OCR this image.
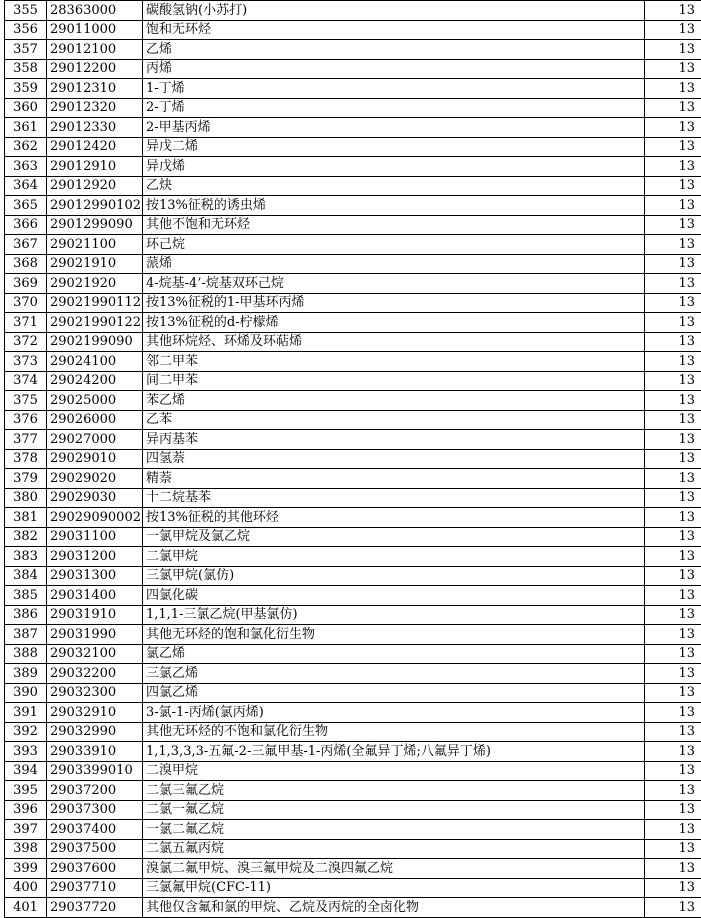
355	28363000	碳酸氢钠(小苏打)	13
356	29011000	饱和无环烃	13
357	29012100	乙烯	13
358	29012200	丙烯	13
359	29012310	1-丁烯	13
360	29012320	2-丁烯	13
361	29012330	2-甲基丙烯	13
362	29012420	异戊二烯	13
363	29012910	异戊烯	13
364	29012920	乙炔	13
365	29012990102	按13%征税的诱虫烯	13
366	2901299090	其他不饱和无环烃	13
367	29021100	环己烷	13
368	29021910	蒎烯	13
369	29021920	4-烷基-4’-烷基双环己烷	13
370	29021990112	按13%征税的1-甲基环丙烯	13
371	29021990122	按13%征税的d-柠檬烯	13
372	2902199090	其他环烷烃、环烯及环萜烯	13
373	29024100	邻二甲苯	13
374	29024200	间二甲苯	13
375	29025000	苯乙烯	13
376	29026000	乙苯	13
377	29027000	异丙基苯	13
378	29029010	四氢萘	13
379	29029020	精萘	13
380	29029030	十二烷基苯	13
381	29029090002	按13%征税的其他环烃	13
382	29031100	一氯甲烷及氯乙烷	13
383	29031200	二氯甲烷	13
384	29031300	三氯甲烷(氯仿)	13
385	29031400	四氯化碳	13
386	29031910	1,1,1-三氯乙烷(甲基氯仿)	13
387	29031990	其他无环烃的饱和氯化衍生物	13
388	29032100	氯乙烯	13
389	29032200	三氯乙烯	13
390	29032300	四氯乙烯	13
391	29032910	3-氯-1-丙烯(氯丙烯)	13
392	29032990	其他无环烃的不饱和氯化衍生物	13
393	29033910	1,1,3,3,3-五氟-2-三氟甲基-1-丙烯(全氟异丁烯;八氟异丁烯)	13
394	2903399010	二溴甲烷	13
395	29037200	二氯三氟乙烷	13
396	29037300	二氯一氟乙烷	13
397	29037400	一氯二氟乙烷	13
398	29037500	二氯五氟丙烷	13
399	29037600	溴氯二氟甲烷、溴三氟甲烷及二溴四氟乙烷	13
400	29037710	三氯氟甲烷(CFC-11)	13
401	29037720	其他仅含氟和氯的甲烷、乙烷及丙烷的全卤化物	13
